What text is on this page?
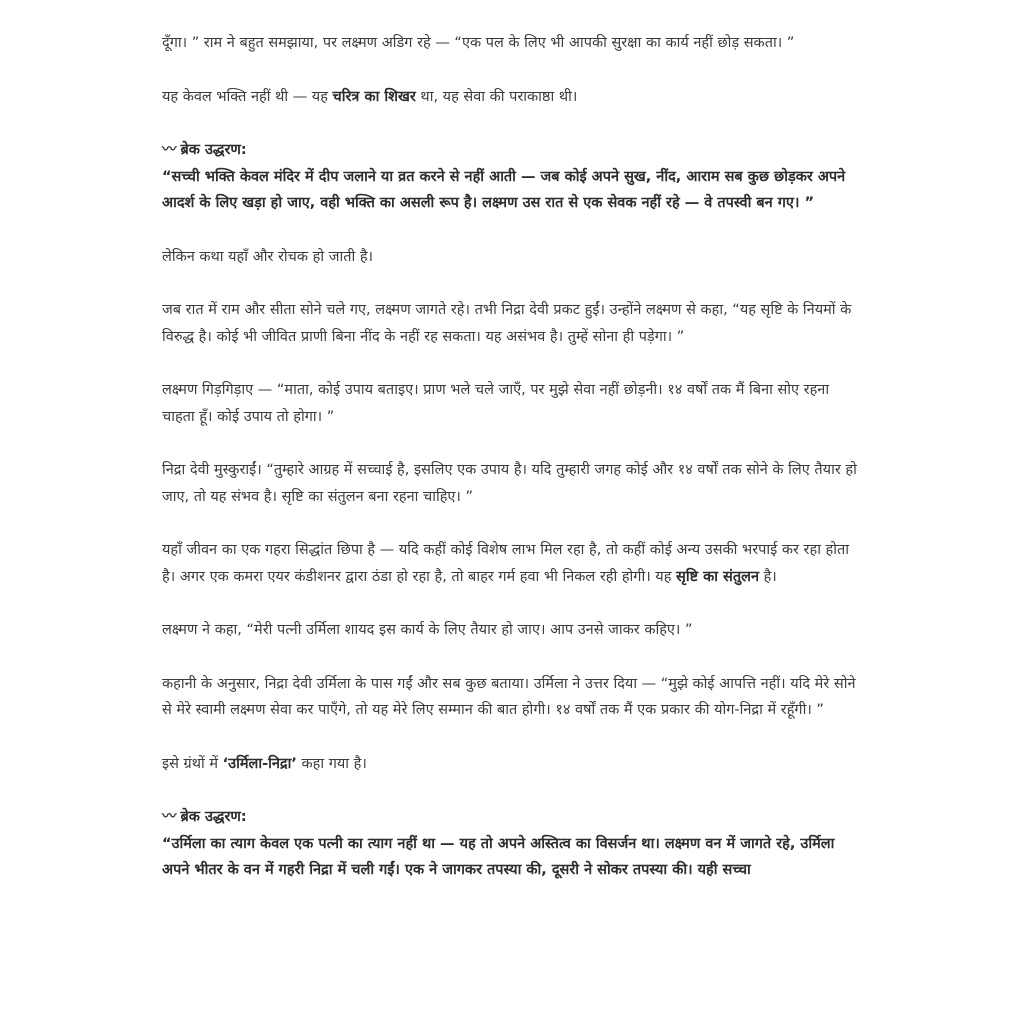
दूँगा। ” राम ने बहुत समझाया, पर लक्ष्मण अडिग रहे — “एक पल के लिए भी आपकी सुरक्षा का कार्य नहीं छोड़ सकता। ”

यह केवल भक्ति नहीं थी — यह चरित्र का शिखर था, यह सेवा की पराकाष्ठा थी।

〰 ब्रेक उद्धरण:

“सच्ची भक्ति केवल मंदिर में दीप जलाने या व्रत करने से नहीं आती — जब कोई अपने सुख, नींद, आराम सब कुछ छोड़कर अपने आदर्श के लिए खड़ा हो जाए, वही भक्ति का असली रूप है। लक्ष्मण उस रात से एक सेवक नहीं रहे — वे तपस्वी बन गए। ”

लेकिन कथा यहाँ और रोचक हो जाती है।

जब रात में राम और सीता सोने चले गए, लक्ष्मण जागते रहे। तभी निद्रा देवी प्रकट हुईं। उन्होंने लक्ष्मण से कहा, “यह सृष्टि के नियमों के विरुद्ध है। कोई भी जीवित प्राणी बिना नींद के नहीं रह सकता। यह असंभव है। तुम्हें सोना ही पड़ेगा। ”

लक्ष्मण गिड़गिड़ाए — “माता, कोई उपाय बताइए। प्राण भले चले जाएँ, पर मुझे सेवा नहीं छोड़नी। १४ वर्षों तक मैं बिना सोए रहना चाहता हूँ। कोई उपाय तो होगा। ”

निद्रा देवी मुस्कुराईं। “तुम्हारे आग्रह में सच्चाई है, इसलिए एक उपाय है। यदि तुम्हारी जगह कोई और १४ वर्षों तक सोने के लिए तैयार हो जाए, तो यह संभव है। सृष्टि का संतुलन बना रहना चाहिए। ”

यहाँ जीवन का एक गहरा सिद्धांत छिपा है — यदि कहीं कोई विशेष लाभ मिल रहा है, तो कहीं कोई अन्य उसकी भरपाई कर रहा होता है। अगर एक कमरा एयर कंडीशनर द्वारा ठंडा हो रहा है, तो बाहर गर्म हवा भी निकल रही होगी। यह सृष्टि का संतुलन है।

लक्ष्मण ने कहा, “मेरी पत्नी उर्मिला शायद इस कार्य के लिए तैयार हो जाए। आप उनसे जाकर कहिए। ”

कहानी के अनुसार, निद्रा देवी उर्मिला के पास गईं और सब कुछ बताया। उर्मिला ने उत्तर दिया — “मुझे कोई आपत्ति नहीं। यदि मेरे सोने से मेरे स्वामी लक्ष्मण सेवा कर पाएँगे, तो यह मेरे लिए सम्मान की बात होगी। १४ वर्षों तक मैं एक प्रकार की योग-निद्रा में रहूँगी। ”

इसे ग्रंथों में ‘उर्मिला-निद्रा’ कहा गया है।

〰 ब्रेक उद्धरण:

“उर्मिला का त्याग केवल एक पत्नी का त्याग नहीं था — यह तो अपने अस्तित्व का विसर्जन था। लक्ष्मण वन में जागते रहे, उर्मिला अपने भीतर के वन में गहरी निद्रा में चली गईं। एक ने जागकर तपस्या की, दूसरी ने सोकर तपस्या की। यही सच्चा
